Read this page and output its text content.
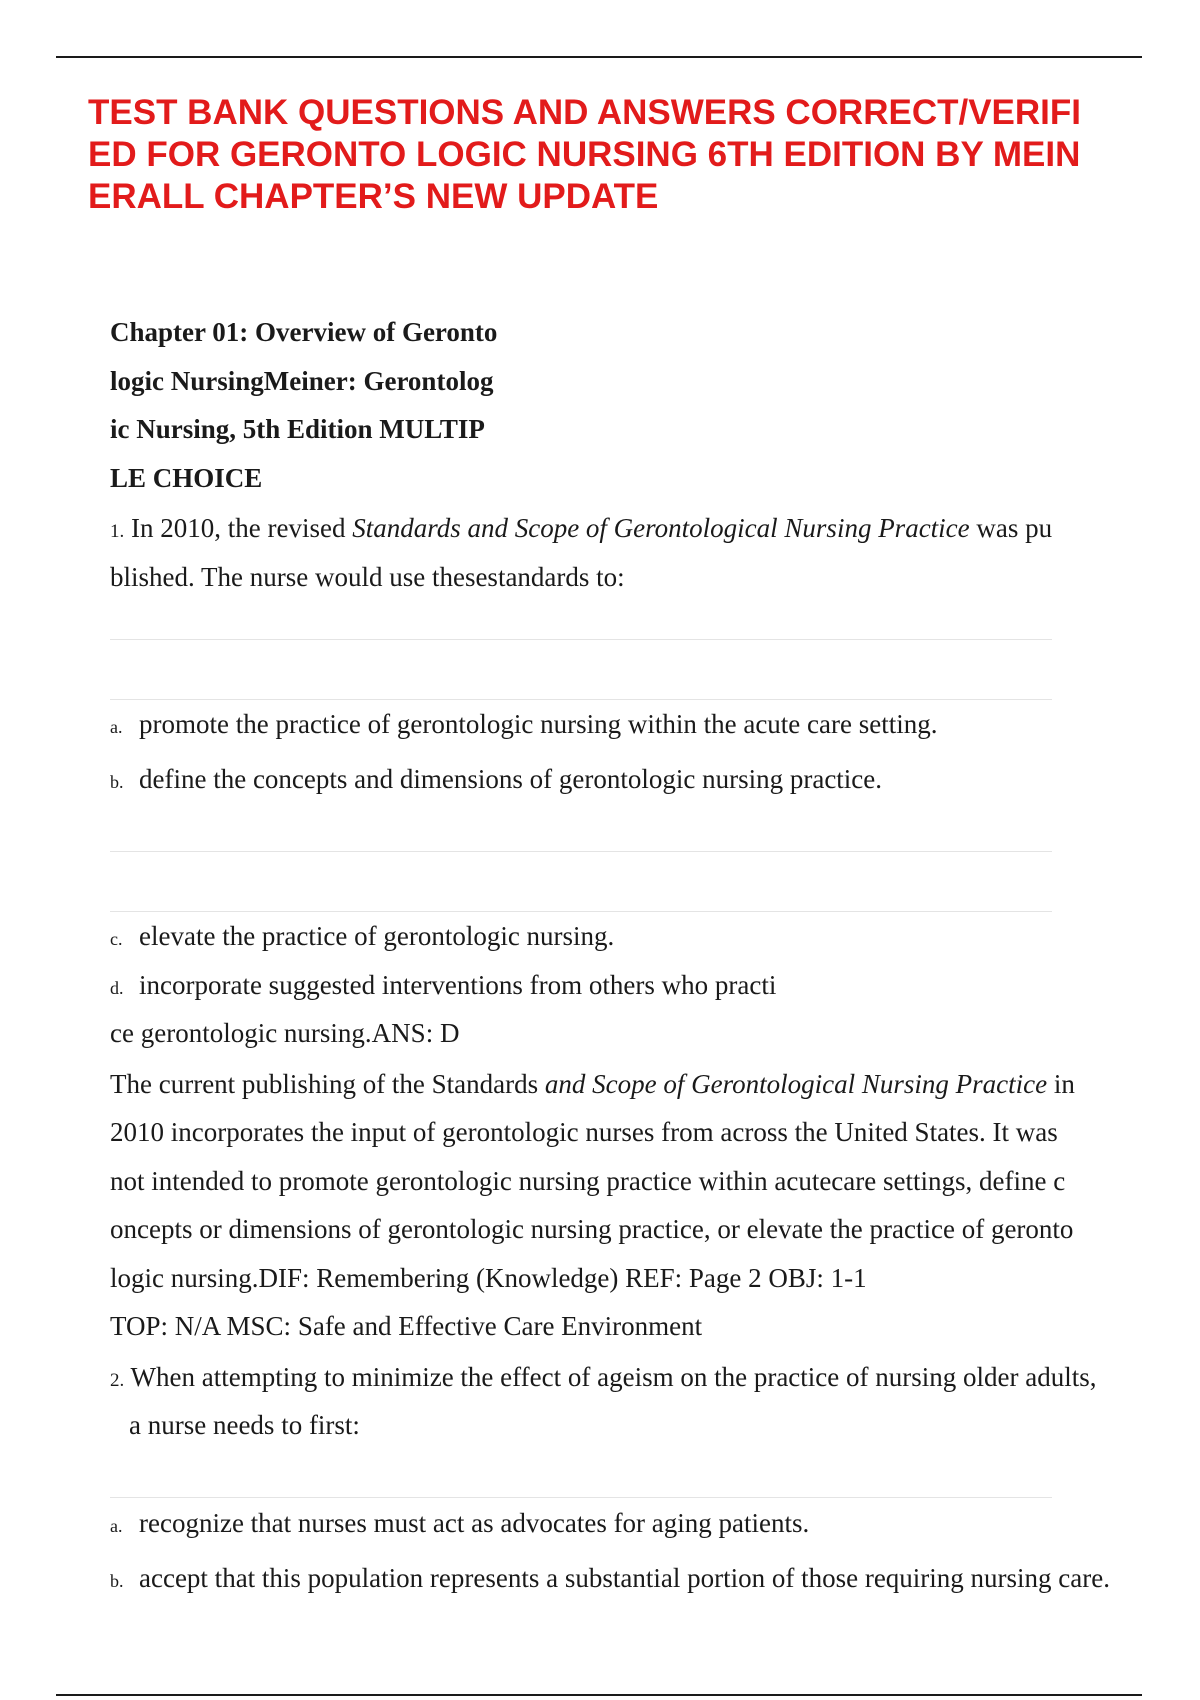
TEST BANK QUESTIONS AND ANSWERS CORRECT/VERIFI
ED FOR GERONTO LOGIC NURSING 6TH EDITION BY MEIN
ERALL CHAPTER’S NEW UPDATE
Chapter 01: Overview of Geronto
logic NursingMeiner: Gerontolog
ic Nursing, 5th Edition MULTIP
LE CHOICE

1. In 2010, the revised Standards and Scope of Gerontological Nursing Practice was pu

blished. The nurse would use thesestandards to:

a. promote the practice of gerontologic nursing within the acute care setting.

b. define the concepts and dimensions of gerontologic nursing practice.

c. elevate the practice of gerontologic nursing.

d. incorporate suggested interventions from others who practi

ce gerontologic nursing.ANS: D

The current publishing of the Standards and Scope of Gerontological Nursing Practice in

2010 incorporates the input of gerontologic nurses from across the United States. It was

not intended to promote gerontologic nursing practice within acutecare settings, define c

oncepts or dimensions of gerontologic nursing practice, or elevate the practice of geronto

logic nursing.DIF: Remembering (Knowledge) REF: Page 2 OBJ: 1-1

TOP: N/A MSC: Safe and Effective Care Environment

2. When attempting to minimize the effect of ageism on the practice of nursing older adults,

a nurse needs to first:

a. recognize that nurses must act as advocates for aging patients.

b. accept that this population represents a substantial portion of those requiring nursing care.
